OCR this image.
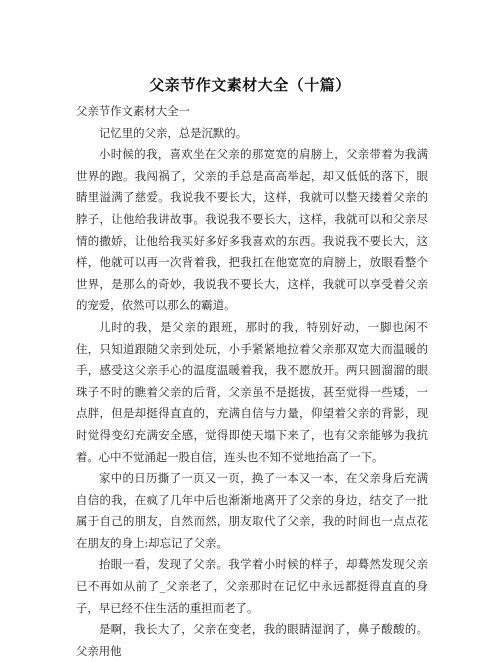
父亲节作文素材大全（十篇）

父亲节作文素材大全一

记忆里的父亲，总是沉默的。

小时候的我，喜欢坐在父亲的那宽宽的肩膀上，父亲带着为我满世界的跑。我闯祸了，父亲的手总是高高举起，却又低低的落下，眼睛里溢满了慈爱。我说我不要长大，这样，我就可以整天搂着父亲的脖子，让他给我讲故事。我说我不要长大，这样，我就可以和父亲尽情的撒娇，让他给我买好多好多我喜欢的东西。我说我不要长大，这样，他就可以再一次背着我，把我扛在他宽宽的肩膀上，放眼看整个世界，是那么的奇妙，我说我不要长大，这样，我就可以享受着父亲的宠爱，依然可以那么的霸道。

儿时的我，是父亲的跟班，那时的我，特别好动，一脚也闲不住，只知道跟随父亲到处玩，小手紧紧地拉着父亲那双宽大而温暖的手，感受这父亲手心的温度温暖着我，我不愿放开。两只圆溜溜的眼珠子不时的瞧着父亲的后背，父亲虽不是挺拔，甚至觉得一些矮，一点胖，但是却挺得直直的，充满自信与力量，仰望着父亲的背影，现时觉得变幻充满安全感，觉得即使天塌下来了，也有父亲能够为我抗着。心中不觉涌起一股自信，连头也不知不觉地抬高了一下。

家中的日历撕了一页又一页，换了一本又一本，在父亲身后充满自信的我，在疯了几年中后也渐渐地离开了父亲的身边，结交了一批属于自己的朋友，自然而然，朋友取代了父亲，我的时间也一点点花在朋友的身上:却忘记了父亲。

抬眼一看，发现了父亲。我学着小时候的样子，却蓦然发现父亲已不再如从前了_父亲老了，父亲那时在记忆中永远都挺得直直的身子，早已经不住生活的重担而老了。

是啊，我长大了，父亲在变老，我的眼睛湿润了，鼻子酸酸的。父亲用他
